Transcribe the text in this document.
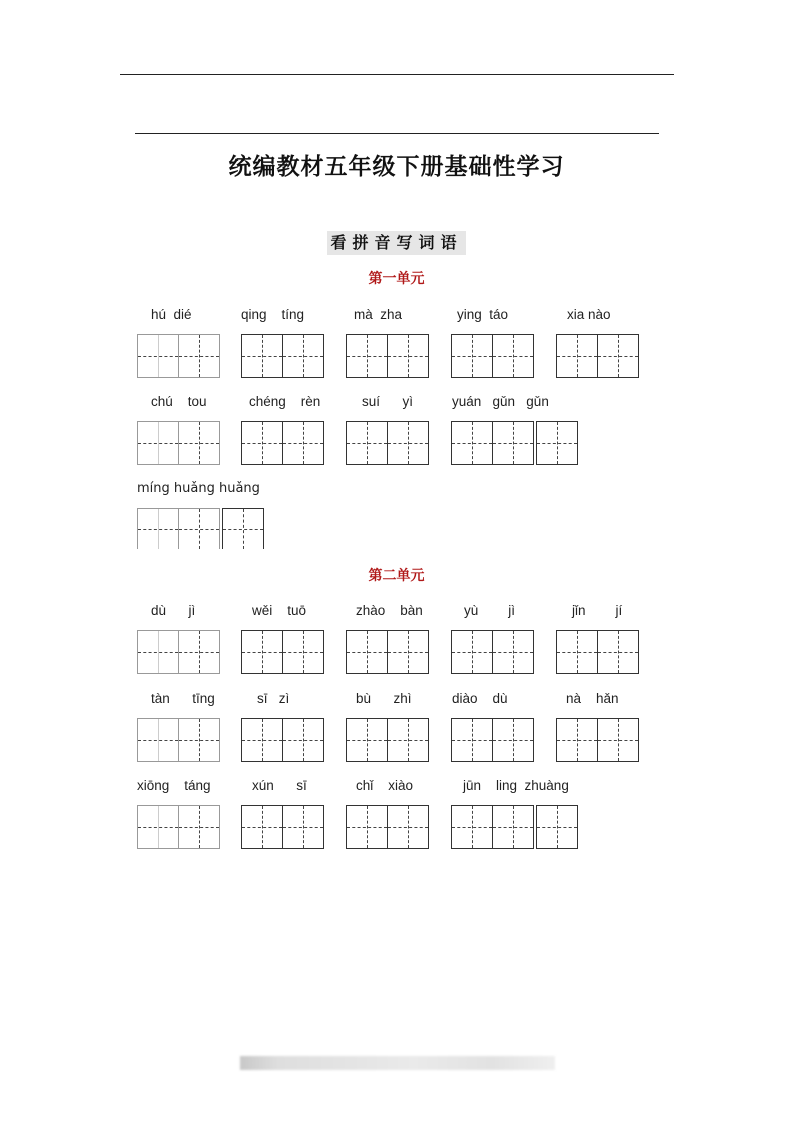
统编教材五年级下册基础性学习
看拼音写词语
第一单元
hú  dié	qing    tíng	mà  zha	ying  táo	xia nào
chú    tou	chéng    rèn	suí      yì	yuán   gǔn   gǔn
míng huǎng huǎng
第二单元
dù      jì	wěi    tuō	zhào    bàn	yù        jì	jǐn        jí
tàn      tīng	sī   zì	bù      zhì	diào    dù	nà    hǎn
xiōng    táng	xún      sī	chǐ    xiào	jūn    ling  zhuàng
